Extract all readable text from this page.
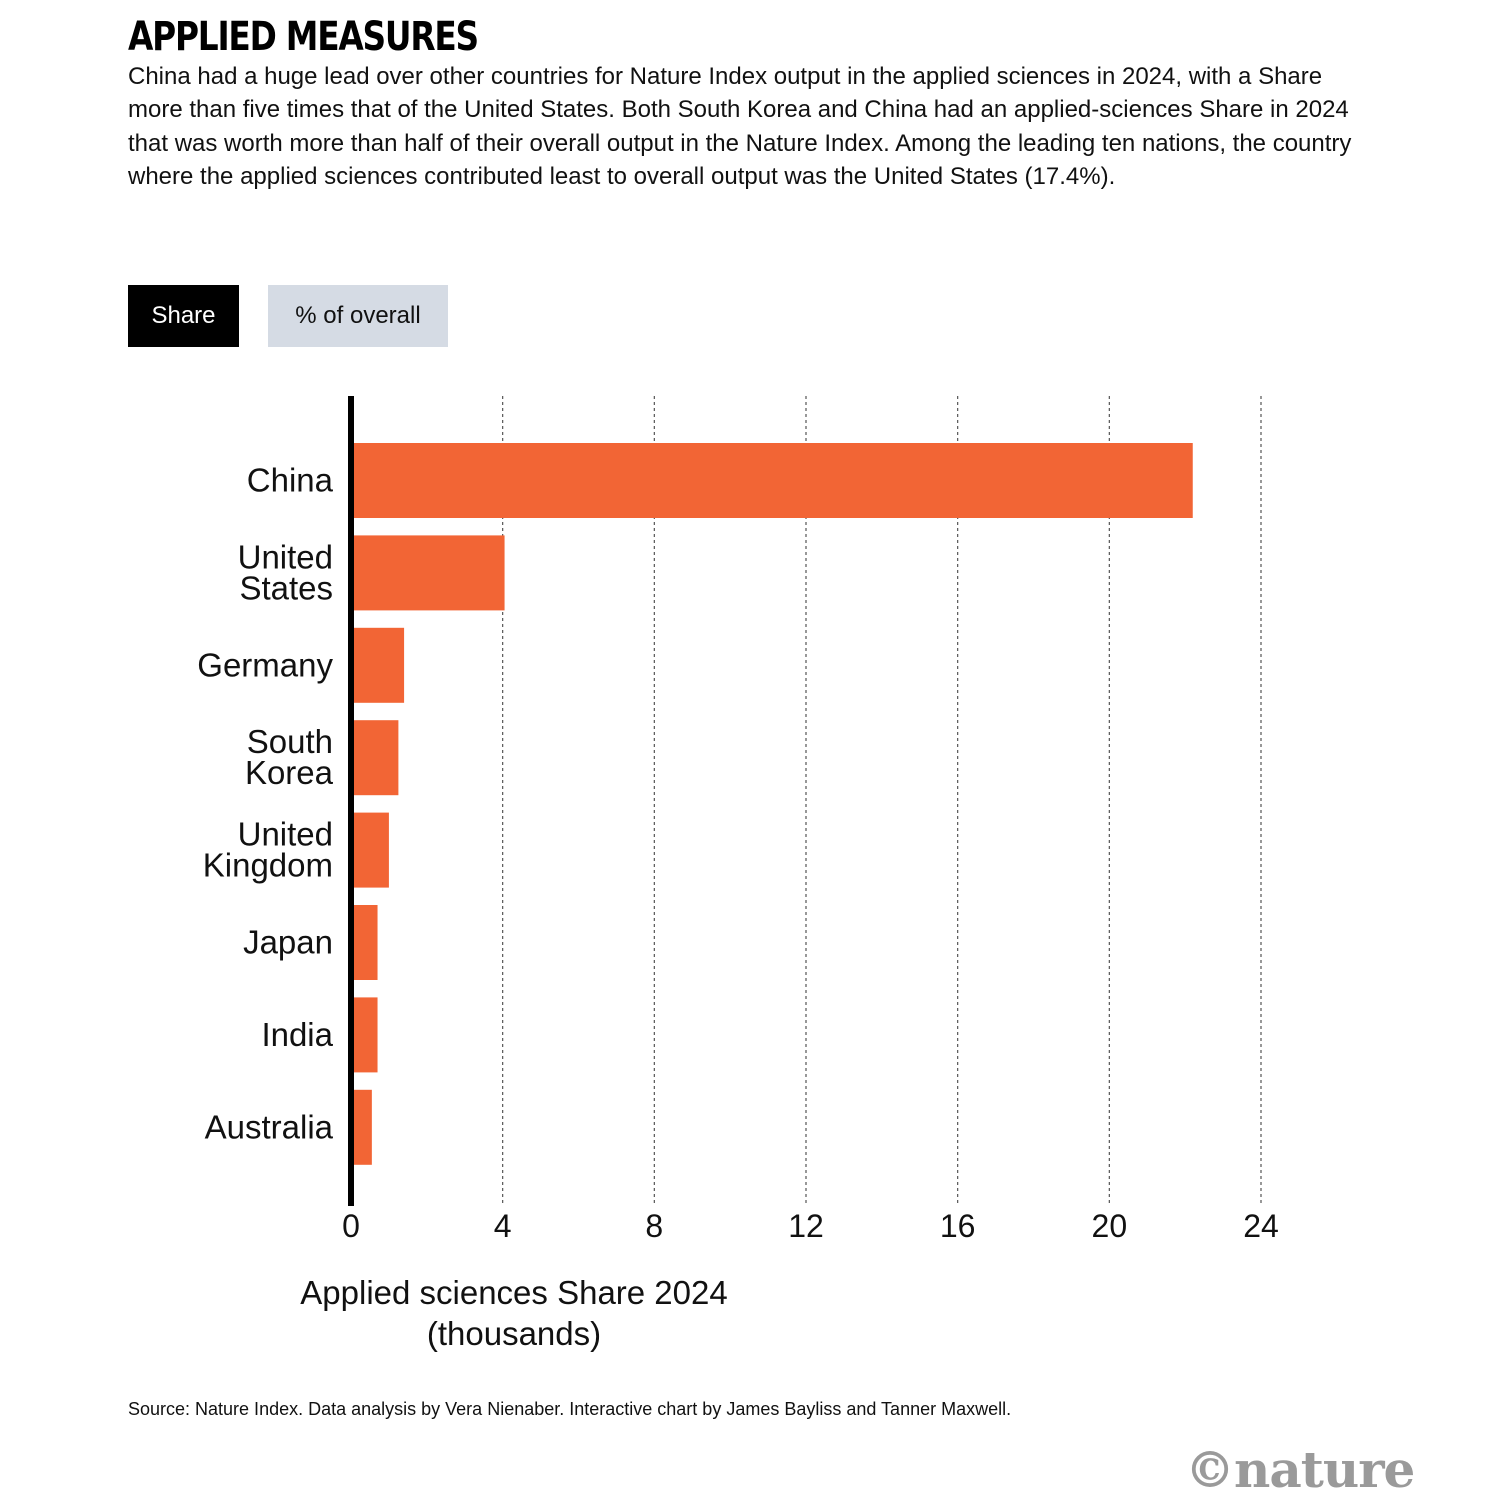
APPLIED MEASURES
China had a huge lead over other countries for Nature Index output in the applied sciences in 2024, with a Share more than five times that of the United States. Both South Korea and China had an applied-sciences Share in 2024 that was worth more than half of their overall output in the Nature Index. Among the leading ten nations, the country where the applied sciences contributed least to overall output was the United States (17.4%).
Share	% of overall
China
United
States
Germany
South
Korea
United
Kingdom
Japan
India
Australia
0	4	8	12	16	20	24
Applied sciences Share 2024
(thousands)
Source: Nature Index. Data analysis by Vera Nienaber. Interactive chart by James Bayliss and Tanner Maxwell.
©nature
